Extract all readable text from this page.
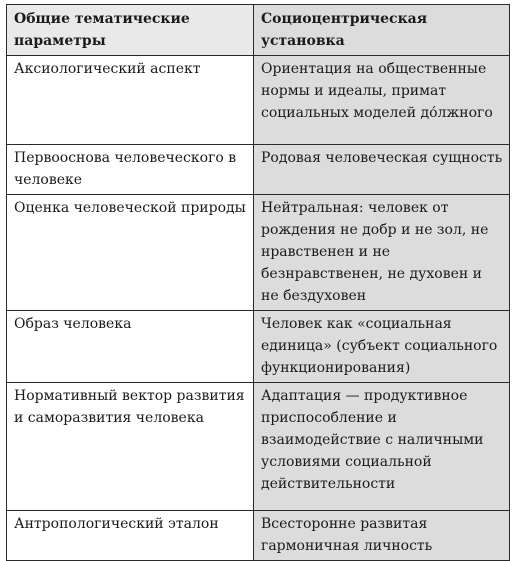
Общие тематические параметры	Социоцентрическая установка

Аксиологический аспект	Ориентация на общественные нормы и идеалы, примат социальных моделей до́лжного

Первооснова человеческого в человеке	Родовая человеческая сущность

Оценка человеческой природы	Нейтральная: человек от рождения не добр и не зол, не нравственен и не безнравственен, не духовен и не бездуховен

Образ человека	Человек как «социальная единица» (субъект социального функционирования)

Нормативный вектор развития и саморазвития человека	Адаптация — продуктивное приспособление и взаимодействие с наличными условиями социальной действительности

Антропологический эталон	Всесторонне развитая гармоничная личность
